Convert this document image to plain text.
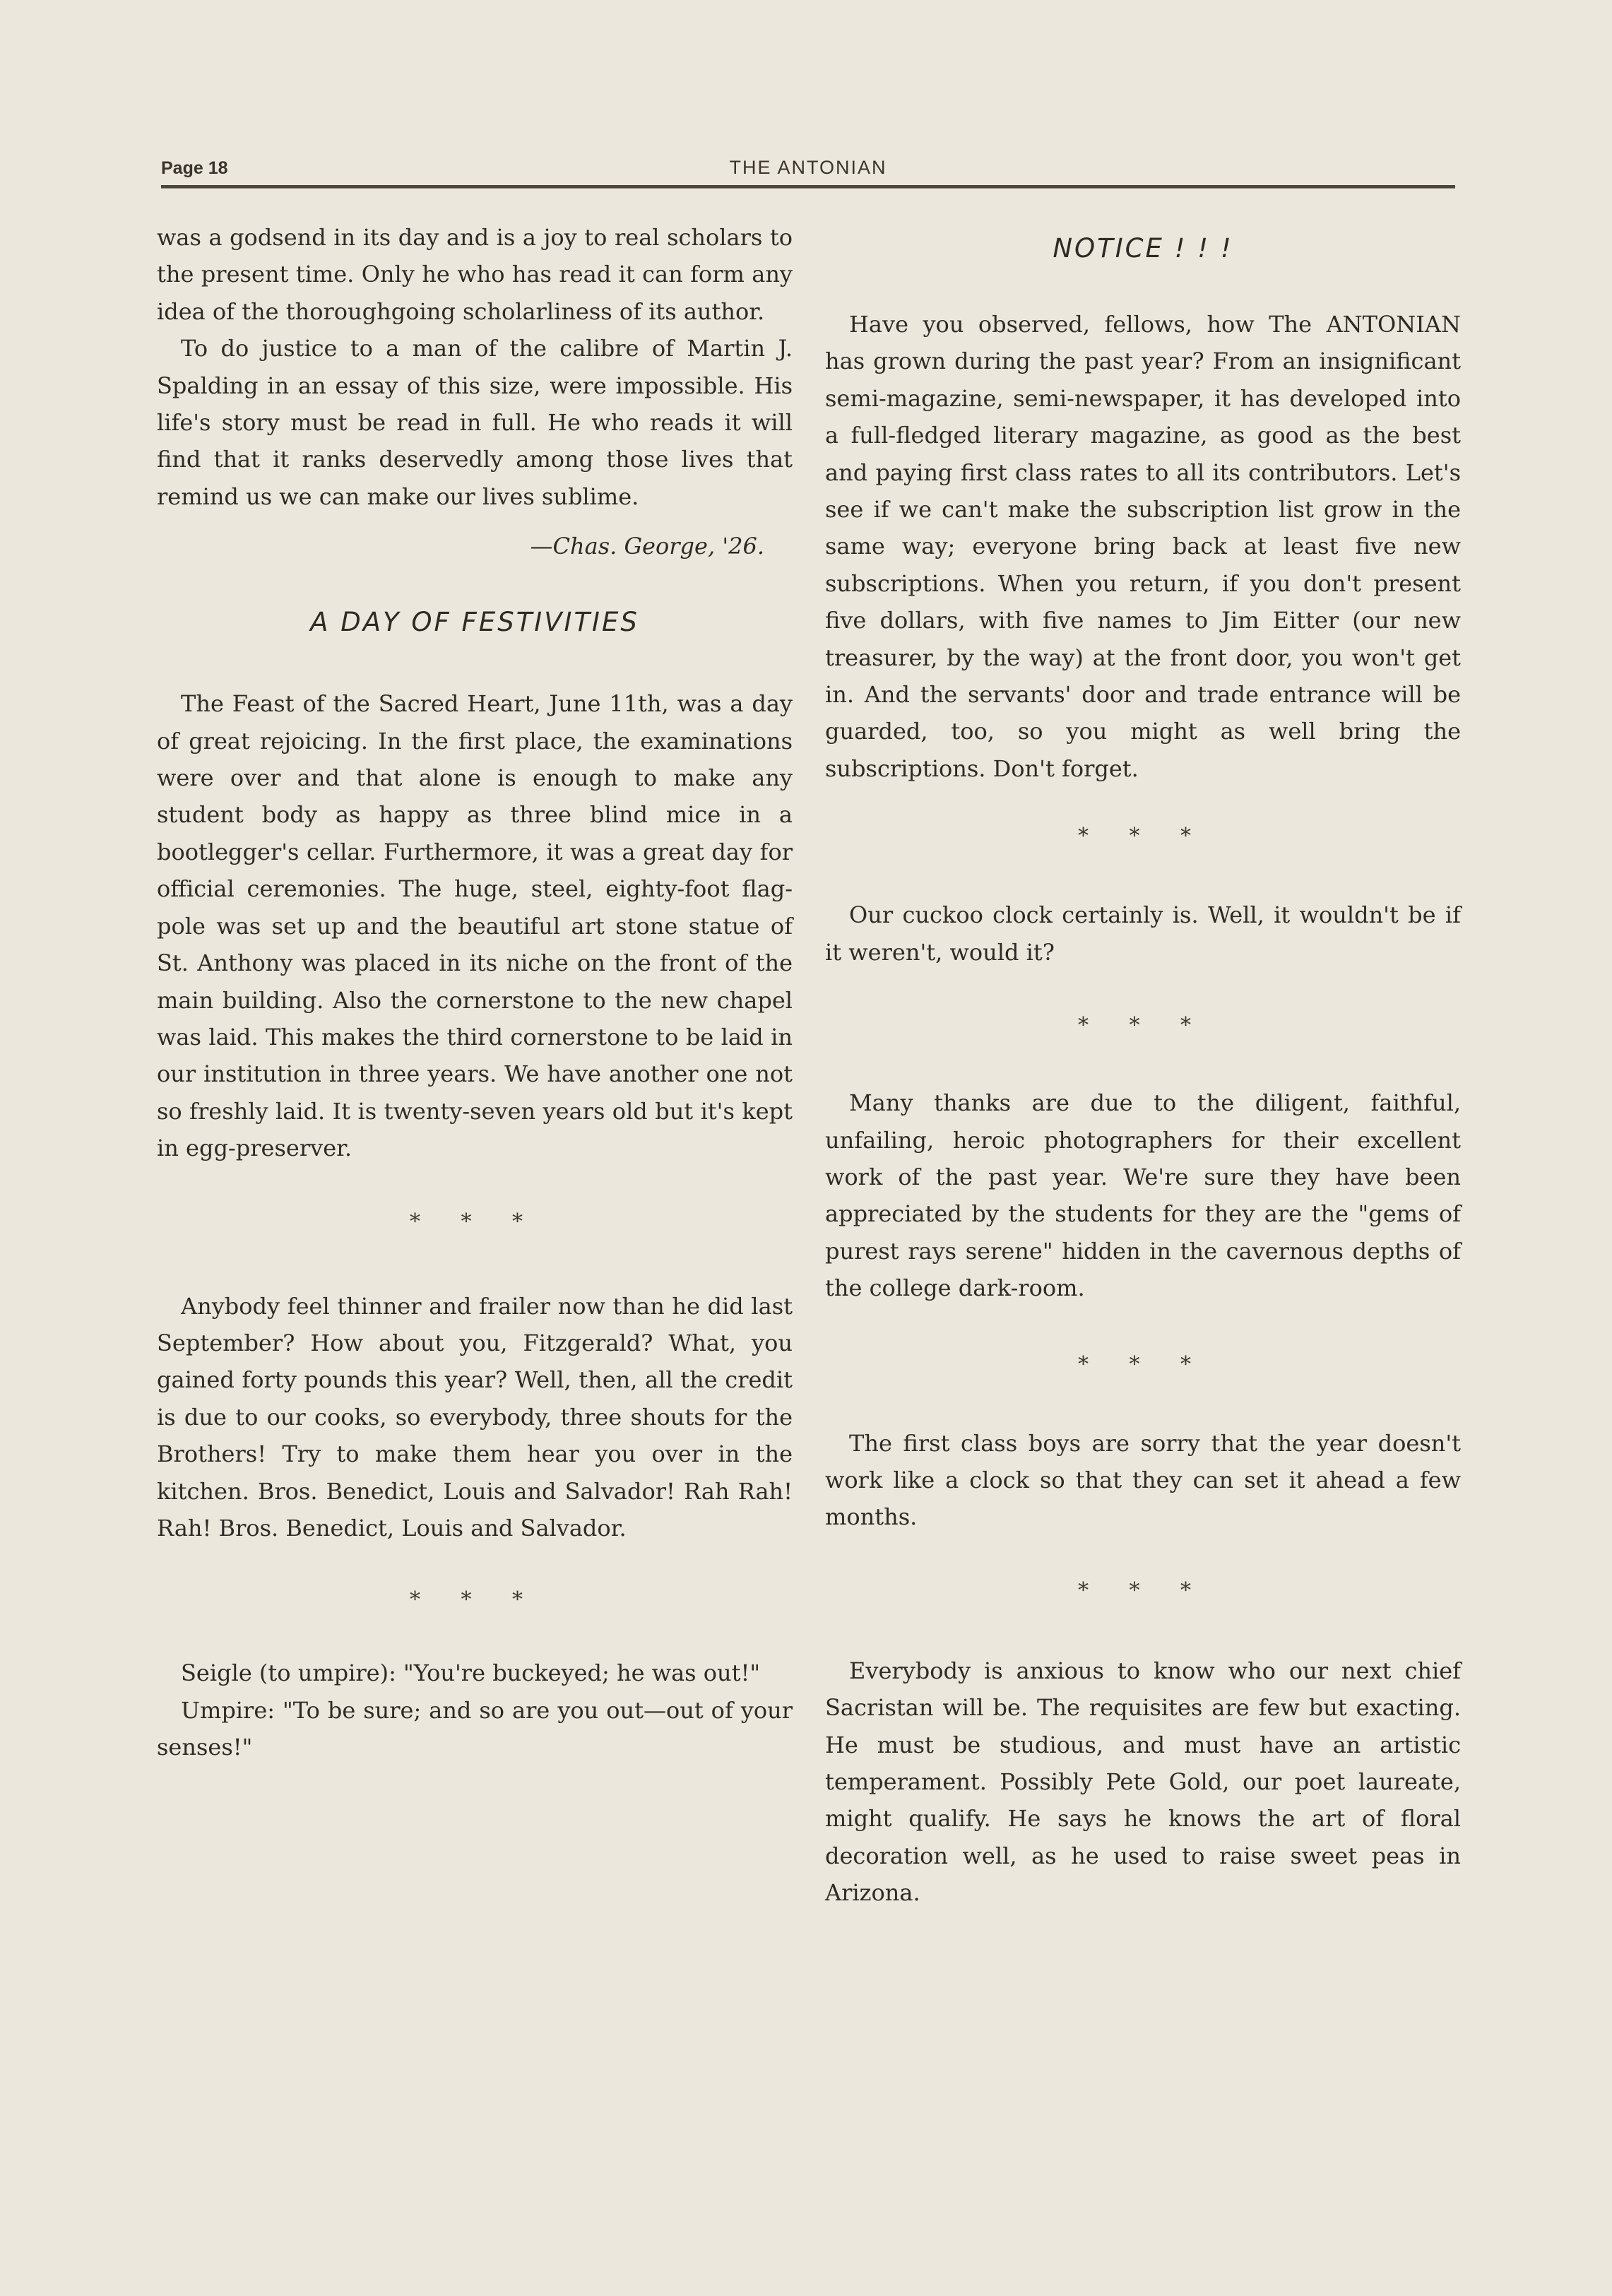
Page 18	THE ANTONIAN

was a godsend in its day and is a joy to real scholars to the present time. Only he who has read it can form any idea of the thoroughgoing scholarliness of its author.

To do justice to a man of the calibre of Martin J. Spalding in an essay of this size, were impossible. His life's story must be read in full. He who reads it will find that it ranks deservedly among those lives that remind us we can make our lives sublime.

—Chas. George, '26.
A DAY OF FESTIVITIES

The Feast of the Sacred Heart, June 11th, was a day of great rejoicing. In the first place, the examinations were over and that alone is enough to make any student body as happy as three blind mice in a bootlegger's cellar. Furthermore, it was a great day for official ceremonies. The huge, steel, eighty-foot flag-pole was set up and the beautiful art stone statue of St. Anthony was placed in its niche on the front of the main building. Also the cornerstone to the new chapel was laid. This makes the third cornerstone to be laid in our institution in three years. We have another one not so freshly laid. It is twenty-seven years old but it's kept in egg-preserver.

* * *

Anybody feel thinner and frailer now than he did last September? How about you, Fitzgerald? What, you gained forty pounds this year? Well, then, all the credit is due to our cooks, so everybody, three shouts for the Brothers! Try to make them hear you over in the kitchen. Bros. Benedict, Louis and Salvador! Rah Rah! Rah! Bros. Benedict, Louis and Salvador.

* * *

Seigle (to umpire): "You're buckeyed; he was out!"

Umpire: "To be sure; and so are you out—out of your senses!"

NOTICE ! ! !

Have you observed, fellows, how The ANTONIAN has grown during the past year? From an insignificant semi-magazine, semi-newspaper, it has developed into a full-fledged literary magazine, as good as the best and paying first class rates to all its contributors. Let's see if we can't make the subscription list grow in the same way; everyone bring back at least five new subscriptions. When you return, if you don't present five dollars, with five names to Jim Eitter (our new treasurer, by the way) at the front door, you won't get in. And the servants' door and trade entrance will be guarded, too, so you might as well bring the subscriptions. Don't forget.

* * *

Our cuckoo clock certainly is. Well, it wouldn't be if it weren't, would it?

* * *

Many thanks are due to the diligent, faithful, unfailing, heroic photographers for their excellent work of the past year. We're sure they have been appreciated by the students for they are the "gems of purest rays serene" hidden in the cavernous depths of the college dark-room.

* * *

The first class boys are sorry that the year doesn't work like a clock so that they can set it ahead a few months.

* * *

Everybody is anxious to know who our next chief Sacristan will be. The requisites are few but exacting. He must be studious, and must have an artistic temperament. Possibly Pete Gold, our poet laureate, might qualify. He says he knows the art of floral decoration well, as he used to raise sweet peas in Arizona.
